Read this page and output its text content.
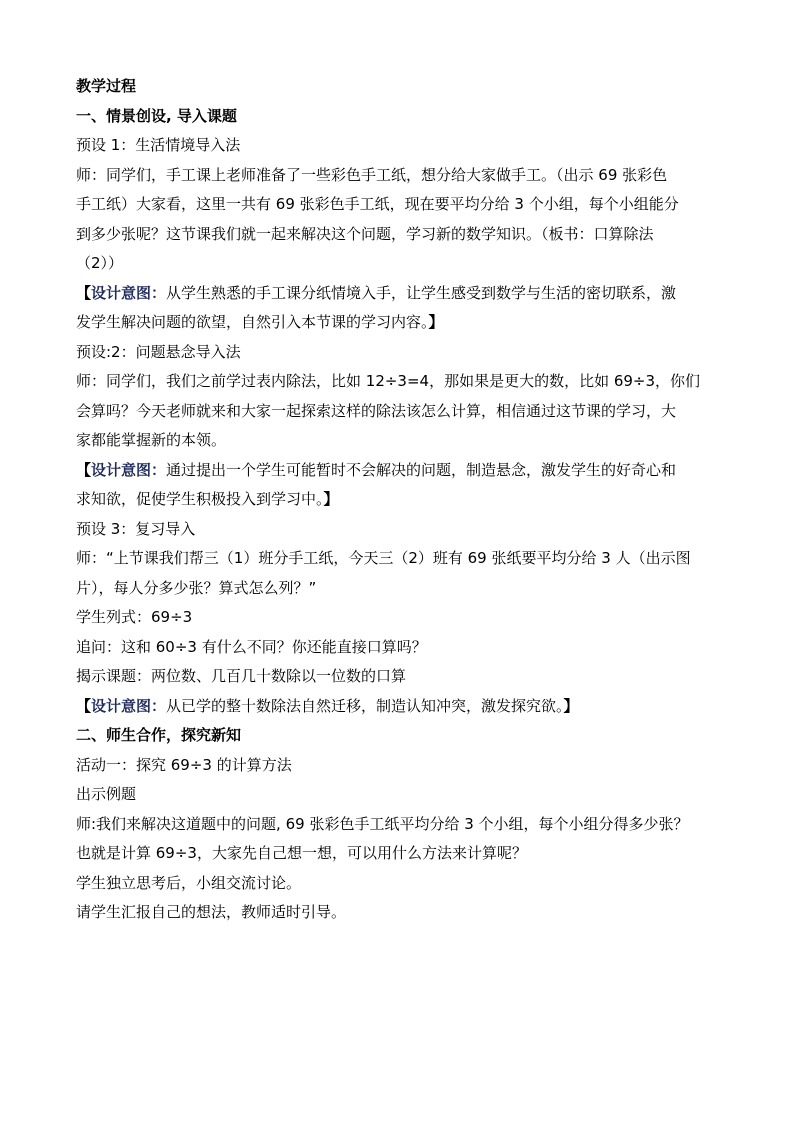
教学过程
一、情景创设, 导入课题
预设 1：生活情境导入法
师：同学们，手工课上老师准备了一些彩色手工纸，想分给大家做手工。（出示 69 张彩色
手工纸）大家看，这里一共有 69 张彩色手工纸，现在要平均分给 3 个小组，每个小组能分
到多少张呢？这节课我们就一起来解决这个问题，学习新的数学知识。（板书：口算除法
（2））
【设计意图：从学生熟悉的手工课分纸情境入手，让学生感受到数学与生活的密切联系，激
发学生解决问题的欲望，自然引入本节课的学习内容。】
预设:2：问题悬念导入法
师：同学们，我们之前学过表内除法，比如 12÷3=4，那如果是更大的数，比如 69÷3，你们
会算吗？今天老师就来和大家一起探索这样的除法该怎么计算，相信通过这节课的学习，大
家都能掌握新的本领。
【设计意图：通过提出一个学生可能暂时不会解决的问题，制造悬念，激发学生的好奇心和
求知欲，促使学生积极投入到学习中。】
预设 3：复习导入
师：“上节课我们帮三（1）班分手工纸，今天三（2）班有 69 张纸要平均分给 3 人（出示图
片），每人分多少张？算式怎么列？”
学生列式：69÷3
追问：这和 60÷3 有什么不同？你还能直接口算吗？
揭示课题：两位数、几百几十数除以一位数的口算
【设计意图：从已学的整十数除法自然迁移，制造认知冲突，激发探究欲。】
二、师生合作，探究新知
活动一：探究 69÷3 的计算方法
出示例题
师:我们来解决这道题中的问题, 69 张彩色手工纸平均分给 3 个小组，每个小组分得多少张？
也就是计算 69÷3，大家先自己想一想，可以用什么方法来计算呢？
学生独立思考后，小组交流讨论。
请学生汇报自己的想法，教师适时引导。
